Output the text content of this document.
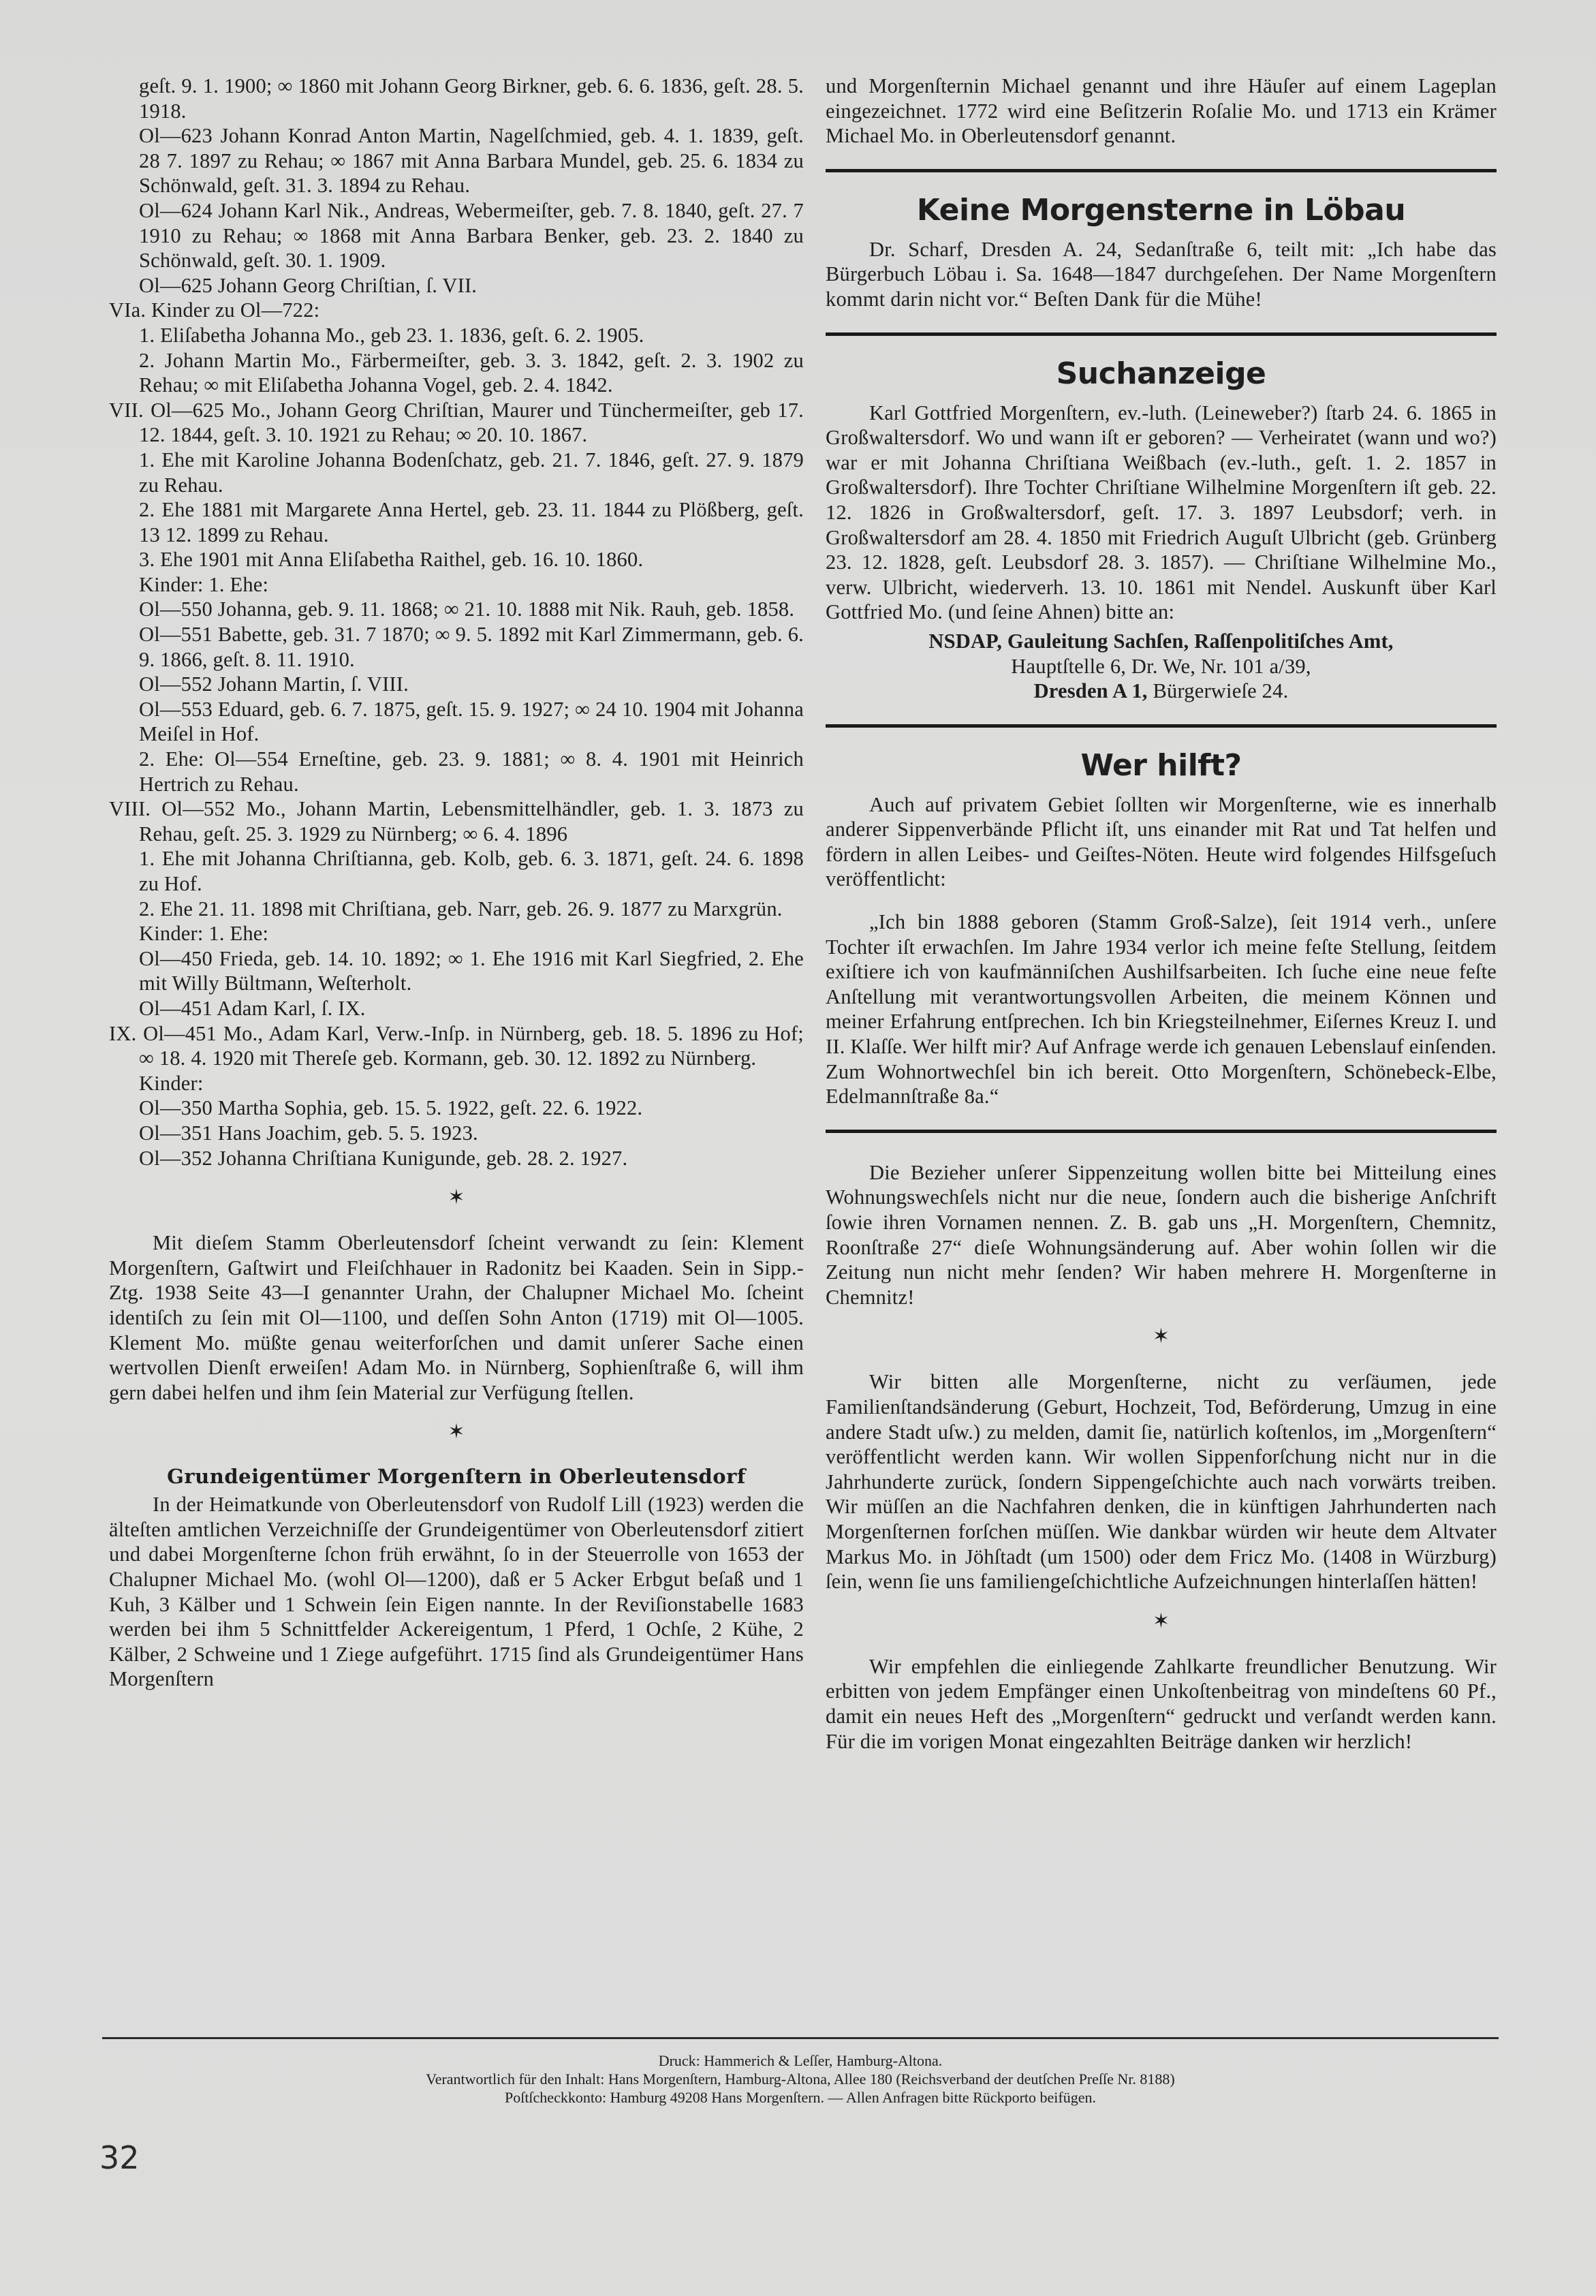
geſt. 9. 1. 1900; ∞ 1860 mit Johann Georg Birkner, geb. 6. 6. 1836, geſt. 28. 5. 1918.

Ol—623 Johann Konrad Anton Martin, Nagelſchmied, geb. 4. 1. 1839, geſt. 28 7. 1897 zu Rehau; ∞ 1867 mit Anna Barbara Mundel, geb. 25. 6. 1834 zu Schönwald, geſt. 31. 3. 1894 zu Rehau.

Ol—624 Johann Karl Nik., Andreas, Webermeiſter, geb. 7. 8. 1840, geſt. 27. 7 1910 zu Rehau; ∞ 1868 mit Anna Barbara Benker, geb. 23. 2. 1840 zu Schönwald, geſt. 30. 1. 1909.

Ol—625 Johann Georg Chriſtian, ſ. VII.

VIa. Kinder zu Ol—722:

1. Eliſabetha Johanna Mo., geb 23. 1. 1836, geſt. 6. 2. 1905.

2. Johann Martin Mo., Färbermeiſter, geb. 3. 3. 1842, geſt. 2. 3. 1902 zu Rehau; ∞ mit Eliſabetha Johanna Vogel, geb. 2. 4. 1842.

VII. Ol—625 Mo., Johann Georg Chriſtian, Maurer und Tünchermeiſter, geb 17. 12. 1844, geſt. 3. 10. 1921 zu Rehau; ∞ 20. 10. 1867.

1. Ehe mit Karoline Johanna Bodenſchatz, geb. 21. 7. 1846, geſt. 27. 9. 1879 zu Rehau.

2. Ehe 1881 mit Margarete Anna Hertel, geb. 23. 11. 1844 zu Plößberg, geſt. 13 12. 1899 zu Rehau.

3. Ehe 1901 mit Anna Eliſabetha Raithel, geb. 16. 10. 1860.

Kinder: 1. Ehe:

Ol—550 Johanna, geb. 9. 11. 1868; ∞ 21. 10. 1888 mit Nik. Rauh, geb. 1858.

Ol—551 Babette, geb. 31. 7 1870; ∞ 9. 5. 1892 mit Karl Zimmermann, geb. 6. 9. 1866, geſt. 8. 11. 1910.

Ol—552 Johann Martin, ſ. VIII.

Ol—553 Eduard, geb. 6. 7. 1875, geſt. 15. 9. 1927; ∞ 24 10. 1904 mit Johanna Meiſel in Hof.

2. Ehe: Ol—554 Erneſtine, geb. 23. 9. 1881; ∞ 8. 4. 1901 mit Heinrich Hertrich zu Rehau.

VIII. Ol—552 Mo., Johann Martin, Lebensmittelhändler, geb. 1. 3. 1873 zu Rehau, geſt. 25. 3. 1929 zu Nürnberg; ∞ 6. 4. 1896

1. Ehe mit Johanna Chriſtianna, geb. Kolb, geb. 6. 3. 1871, geſt. 24. 6. 1898 zu Hof.

2. Ehe 21. 11. 1898 mit Chriſtiana, geb. Narr, geb. 26. 9. 1877 zu Marxgrün.

Kinder: 1. Ehe:

Ol—450 Frieda, geb. 14. 10. 1892; ∞ 1. Ehe 1916 mit Karl Siegfried, 2. Ehe mit Willy Bültmann, Weſterholt.

Ol—451 Adam Karl, ſ. IX.

IX. Ol—451 Mo., Adam Karl, Verw.-Inſp. in Nürnberg, geb. 18. 5. 1896 zu Hof; ∞ 18. 4. 1920 mit Thereſe geb. Kormann, geb. 30. 12. 1892 zu Nürnberg.

Kinder:

Ol—350 Martha Sophia, geb. 15. 5. 1922, geſt. 22. 6. 1922.

Ol—351 Hans Joachim, geb. 5. 5. 1923.

Ol—352 Johanna Chriſtiana Kunigunde, geb. 28. 2. 1927.

✶

Mit dieſem Stamm Oberleutensdorf ſcheint verwandt zu ſein: Klement Morgenſtern, Gaſtwirt und Fleiſchhauer in Radonitz bei Kaaden. Sein in Sipp.-Ztg. 1938 Seite 43—I genannter Urahn, der Chalupner Michael Mo. ſcheint identiſch zu ſein mit Ol—1100, und deſſen Sohn Anton (1719) mit Ol—1005. Klement Mo. müßte genau weiterforſchen und damit unſerer Sache einen wertvollen Dienſt erweiſen! Adam Mo. in Nürnberg, Sophienſtraße 6, will ihm gern dabei helfen und ihm ſein Material zur Verfügung ſtellen.

✶
Grundeigentümer Morgenſtern in Oberleutensdorf

In der Heimatkunde von Oberleutensdorf von Rudolf Lill (1923) werden die älteſten amtlichen Verzeichniſſe der Grundeigentümer von Oberleutensdorf zitiert und dabei Morgenſterne ſchon früh erwähnt, ſo in der Steuerrolle von 1653 der Chalupner Michael Mo. (wohl Ol—1200), daß er 5 Acker Erbgut beſaß und 1 Kuh, 3 Kälber und 1 Schwein ſein Eigen nannte. In der Reviſionstabelle 1683 werden bei ihm 5 Schnittfelder Ackereigentum, 1 Pferd, 1 Ochſe, 2 Kühe, 2 Kälber, 2 Schweine und 1 Ziege aufgeführt. 1715 ſind als Grundeigentümer Hans Morgenſtern

und Morgenſternin Michael genannt und ihre Häuſer auf einem Lageplan eingezeichnet. 1772 wird eine Beſitzerin Roſalie Mo. und 1713 ein Krämer Michael Mo. in Oberleutensdorf genannt.

Keine Morgensterne in Löbau

Dr. Scharf, Dresden A. 24, Sedanſtraße 6, teilt mit: „Ich habe das Bürgerbuch Löbau i. Sa. 1648—1847 durchgeſehen. Der Name Morgenſtern kommt darin nicht vor.“ Beſten Dank für die Mühe!

Suchanzeige

Karl Gottfried Morgenſtern, ev.-luth. (Leineweber?) ſtarb 24. 6. 1865 in Großwaltersdorf. Wo und wann iſt er geboren? — Verheiratet (wann und wo?) war er mit Johanna Chriſtiana Weißbach (ev.-luth., geſt. 1. 2. 1857 in Großwaltersdorf). Ihre Tochter Chriſtiane Wilhelmine Morgenſtern iſt geb. 22. 12. 1826 in Großwaltersdorf, geſt. 17. 3. 1897 Leubsdorf; verh. in Großwaltersdorf am 28. 4. 1850 mit Friedrich Auguſt Ulbricht (geb. Grünberg 23. 12. 1828, geſt. Leubsdorf 28. 3. 1857). — Chriſtiane Wilhelmine Mo., verw. Ulbricht, wiederverh. 13. 10. 1861 mit Nendel. Auskunft über Karl Gottfried Mo. (und ſeine Ahnen) bitte an:

NSDAP, Gauleitung Sachſen, Raſſenpolitiſches Amt,

Hauptſtelle 6, Dr. We, Nr. 101 a/39,

Dresden A 1, Bürgerwieſe 24.

Wer hilft?

Auch auf privatem Gebiet ſollten wir Morgenſterne, wie es innerhalb anderer Sippenverbände Pflicht iſt, uns einander mit Rat und Tat helfen und fördern in allen Leibes- und Geiſtes-Nöten. Heute wird folgendes Hilfsgeſuch veröffentlicht:

„Ich bin 1888 geboren (Stamm Groß-Salze), ſeit 1914 verh., unſere Tochter iſt erwachſen. Im Jahre 1934 verlor ich meine feſte Stellung, ſeitdem exiſtiere ich von kaufmänniſchen Aushilfsarbeiten. Ich ſuche eine neue feſte Anſtellung mit verantwortungsvollen Arbeiten, die meinem Können und meiner Erfahrung entſprechen. Ich bin Kriegsteilnehmer, Eiſernes Kreuz I. und II. Klaſſe. Wer hilft mir? Auf Anfrage werde ich genauen Lebenslauf einſenden. Zum Wohnortwechſel bin ich bereit. Otto Morgenſtern, Schönebeck-Elbe, Edelmannſtraße 8a.“

Die Bezieher unſerer Sippenzeitung wollen bitte bei Mitteilung eines Wohnungswechſels nicht nur die neue, ſondern auch die bisherige Anſchrift ſowie ihren Vornamen nennen. Z. B. gab uns „H. Morgenſtern, Chemnitz, Roonſtraße 27“ dieſe Wohnungsänderung auf. Aber wohin ſollen wir die Zeitung nun nicht mehr ſenden? Wir haben mehrere H. Morgenſterne in Chemnitz!

✶

Wir bitten alle Morgenſterne, nicht zu verſäumen, jede Familienſtandsänderung (Geburt, Hochzeit, Tod, Beförderung, Umzug in eine andere Stadt uſw.) zu melden, damit ſie, natürlich koſtenlos, im „Morgenſtern“ veröffentlicht werden kann. Wir wollen Sippenforſchung nicht nur in die Jahrhunderte zurück, ſondern Sippengeſchichte auch nach vorwärts treiben. Wir müſſen an die Nachfahren denken, die in künftigen Jahrhunderten nach Morgenſternen forſchen müſſen. Wie dankbar würden wir heute dem Altvater Markus Mo. in Jöhſtadt (um 1500) oder dem Fricz Mo. (1408 in Würzburg) ſein, wenn ſie uns familiengeſchichtliche Aufzeichnungen hinterlaſſen hätten!

✶

Wir empfehlen die einliegende Zahlkarte freundlicher Benutzung. Wir erbitten von jedem Empfänger einen Unkoſtenbeitrag von mindeſtens 60 Pf., damit ein neues Heft des „Morgenſtern“ gedruckt und verſandt werden kann. Für die im vorigen Monat eingezahlten Beiträge danken wir herzlich!

Druck: Hammerich & Leſſer, Hamburg-Altona.

Verantwortlich für den Inhalt: Hans Morgenſtern, Hamburg-Altona, Allee 180 (Reichsverband der deutſchen Preſſe Nr. 8188)

Poſtſcheckkonto: Hamburg 49208 Hans Morgenſtern. — Allen Anfragen bitte Rückporto beifügen.

32
